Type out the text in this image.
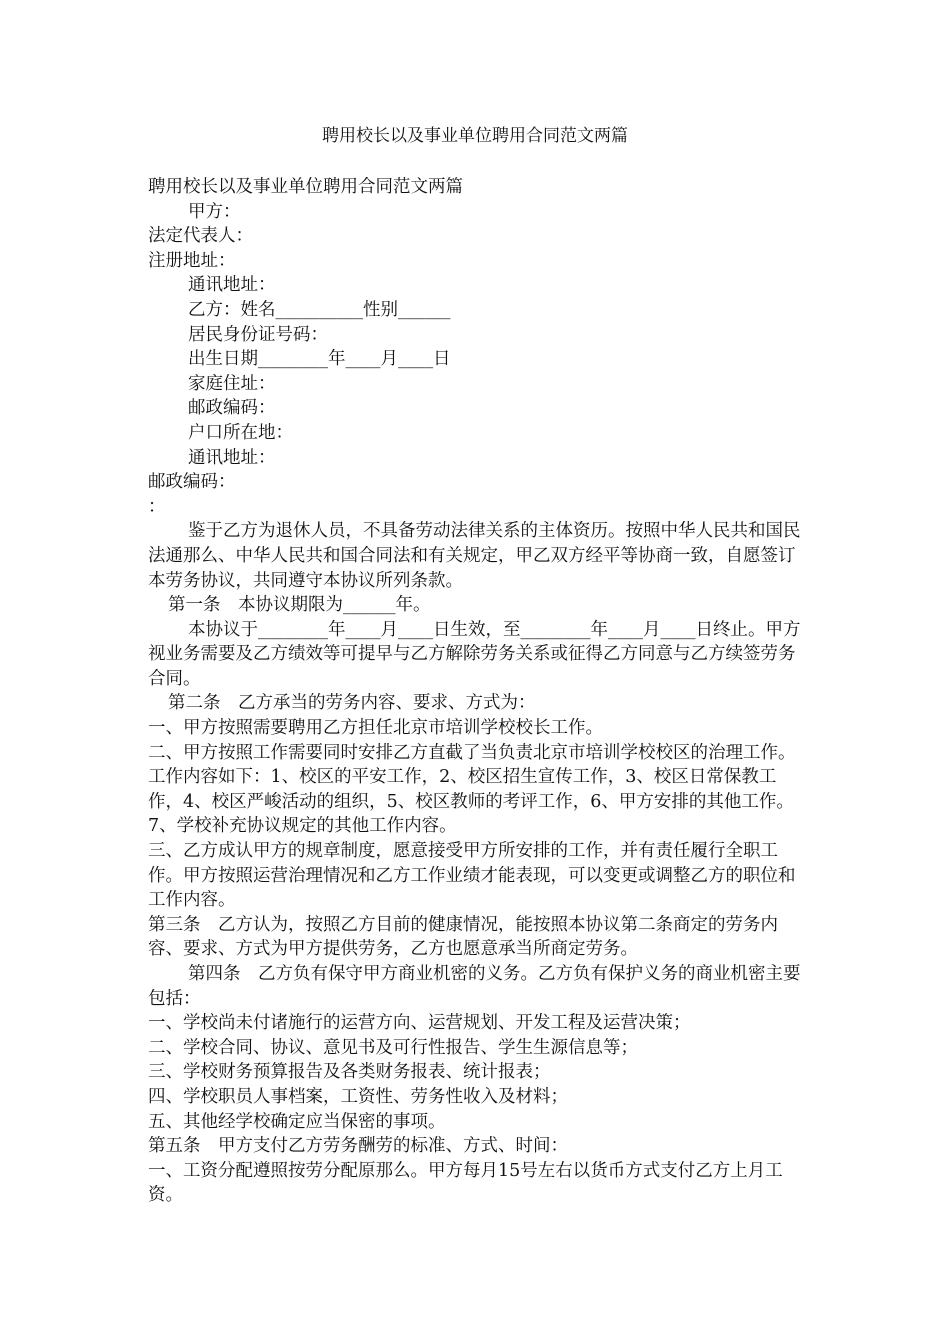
聘用校长以及事业单位聘用合同范文两篇

聘用校长以及事业单位聘用合同范文两篇

甲方：

法定代表人：

注册地址：

通讯地址：

乙方：姓名__________性别______

居民身份证号码：

出生日期________年____月____日

家庭住址：

邮政编码：

户口所在地：

通讯地址：

邮政编码：

：

鉴于乙方为退休人员，不具备劳动法律关系的主体资历。按照中华人民共和国民法通那么、中华人民共和国合同法和有关规定，甲乙双方经平等协商一致，自愿签订本劳务协议，共同遵守本协议所列条款。

第一条　本协议期限为______年。

本协议于________年____月____日生效，至________年____月____日终止。甲方视业务需要及乙方绩效等可提早与乙方解除劳务关系或征得乙方同意与乙方续签劳务合同。

第二条　乙方承当的劳务内容、要求、方式为：

一、甲方按照需要聘用乙方担任北京市培训学校校长工作。

二、甲方按照工作需要同时安排乙方直截了当负责北京市培训学校校区的治理工作。工作内容如下：1、校区的平安工作，2、校区招生宣传工作，3、校区日常保教工作，4、校区严峻活动的组织，5、校区教师的考评工作，6、甲方安排的其他工作。7、学校补充协议规定的其他工作内容。

三、乙方成认甲方的规章制度，愿意接受甲方所安排的工作，并有责任履行全职工作。甲方按照运营治理情况和乙方工作业绩才能表现，可以变更或调整乙方的职位和工作内容。

第三条　乙方认为，按照乙方目前的健康情况，能按照本协议第二条商定的劳务内容、要求、方式为甲方提供劳务，乙方也愿意承当所商定劳务。

第四条　乙方负有保守甲方商业机密的义务。乙方负有保护义务的商业机密主要包括：

一、学校尚未付诸施行的运营方向、运营规划、开发工程及运营决策；

二、学校合同、协议、意见书及可行性报告、学生生源信息等；

三、学校财务预算报告及各类财务报表、统计报表；

四、学校职员人事档案，工资性、劳务性收入及材料；

五、其他经学校确定应当保密的事项。

第五条　甲方支付乙方劳务酬劳的标准、方式、时间：

一、工资分配遵照按劳分配原那么。甲方每月15号左右以货币方式支付乙方上月工资。
